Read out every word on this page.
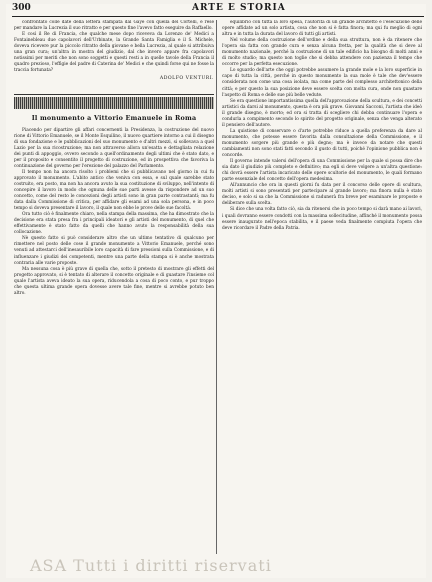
300	ARTE E STORIA

confrontato colle date della lettera stampata dal Gaye con quella del Cortelli, e rese per mandare la Lucrezia il suo ritratto e per questo fine l'avevo fatto eseguire da Raffaello.

E così il Re di Francia, che qualche mese dopo riceveva da Lorenzo de' Medici a Fontainebleau due capolavori dell'Urbinate, la Grande Santa Famiglia e il S. Michele, doveva ricevere pur la piccolo ritratto della giovane e bella Lucrezia, al quale si attribuiva una gran cura; un'altra in mostra del giudizio, dal che invero appare fra capolavori notissimi per meriti che non sono soggetti e questi resti a in quelle tavole della Francia il quadro prezioso, l'effigie del padre di Caterina de' Medici e che quindi forse qui ne fosse la traccia fortunata?

ADOLFO VENTURI.
Il monumento a Vittorio Emanuele in Roma

Piacendo per dipartire gli affari concernenti la Presidenza, la costruzione del nuovo rione di Vittorio Emanuele, se il Monte Esquilino, il nuovo quartiere intorno a cui il disegno di sua fondazione e le pubblicazioni del suo monumento e d'altri mezzi, si sollevava a quel Lazio per la sua ricostruzione; ma non attraverso allora un'esatta e dettagliata relazione dei punti di appoggio, ovvero secondo a quell'ordinamento degli ultimi che è stato dato, e per il proposito e consentito il progetto di costruzione, ed in prospettiva che favoriva la continuazione del governo per l'erezione del palazzo del Parlamento.

Il tempo non ha ancora risolto i problemi che si pubblicavano nel giorno in cui fu approvato il monumento. L'abito antico che veniva con essa, e sul quale sarebbe stato costruito, era posto, ma non ha ancora avuto la sua costituzione di sviluppo, nell'intento di concepire il lavoro in modo che ognuna delle sue parti avesse da rispondere ad un suo concetto, come del resto le concezioni degli artisti sono in gran parte contrastanti; ma fu data dalla Commissione di critica, per affidare gli esami ad una sola persona, e in poco tempo si doveva presentare il lavoro, il quale non ebbe le prove delle sue facoltà.

Ora tutto ciò è finalmente chiaro, nella stampa della massima, che ha dimostrato che la decisione era stata presa fra i principali ideatori e gli artisti del monumento, di quel che effettivamente è stato fatto da quelli che hanno avuto la responsabilità della sua collocazione.

Nè questo fatto si può considerare altro che un ultimo tentativo di qualcuno per rimettere nel posto delle cose il grande monumento a Vittorio Emanuele, perché sono venuti ad attestarci dell'inesauribile loro capacità di fare pressioni sulla Commissione, e di influenzare i giudizi dei competenti, mentre una parte della stampa si è anche mostrata contraria alle varie proposte.

Ma nessuna cosa è più grave di quella che, sotto il pretesto di mostrare gli effetti del progetto approvato, si è tentato di alterare il concetto originale e di guastare l'insieme col quale l'artista aveva ideato la sua opera, riducendola a cosa di poco conto, e pur troppo che questa ultima grande opera dovesse avere tale fine, mentre si avrebbe potuto ben altro.

equilibrio con tutta la loro spesa, l'autorità di un grande architetto e l'esecuzione delle opere affidate ad un solo artista, cosa che non si è fatta finora; ma qui fu meglio di ogni altra e in tutta la durata del lavoro di tutti gli artisti.

Nel volume della costruzione dell'ordine e della sua struttura, non è da ritenere che l'opera sia fatta con grande cura e senza alcuna fretta, per la qualità che si deve al monumento nazionale, perché la costruzione di un tale edificio ha bisogno di molti anni e di molto studio; ma questo non toglie che si debba attendere con pazienza il tempo che occorre per la perfetta esecuzione.

Lo sguardo dell'arte che oggi potrebbe assumere la grande mole e la loro superficie in capo di tutta la città, perché in questo monumento la sua mole è tale che dev'essere considerata non come una cosa isolata, ma come parte del complesso architettonico della città; e per questo la sua posizione deve essere scelta con molta cura, onde non guastare l'aspetto di Roma e delle sue più belle vedute.

Se era questione importantissima quella dell'approvazione della scultura, e dei concetti artistici da darsi al monumento, questa è ora più grave. Giovanni Sacconi, l'artista che ideò il grande disegno, è morto; ed ora si tratta di scegliere chi debba continuare l'opera e condurla a compimento secondo lo spirito del progetto originale, senza che venga alterato il pensiero dell'autore.

La quistione di conservare o d'arte potrebbe riduce a quella preferenza da dare al monumento, che potesse essere favorita dalla consultazione della Commissione, e il monumento sorgere più grande e più degno; ma è invece da notare che questi cambiamenti non sono stati fatti secondo il gusto di tutti, poiché l'opinione pubblica non è concorde.

Il governo intende valersi dell'opera di una Commissione per la quale si possa dire che sia dato il giudizio più completo e definitivo; ma egli si deve volgere a un'altra questione: chi dovrà essere l'artista incaricato delle opere scultorie del monumento, le quali formano parte essenziale del concetto dell'opera medesima.

All'annuncio che ora in questi giorni fu data per il concorso delle opere di scultura, molti artisti si sono presentati per partecipare al grande lavoro; ma finora nulla è stato deciso, e solo si sa che la Commissione si radunerà fra breve per esaminare le proposte e deliberare sulla scelta.

Si dice che una volta fatto ciò, sia da ritenersi che in poco tempo si darà mano ai lavori, i quali dovranno essere condotti con la massima sollecitudine, affinché il monumento possa essere inaugurato nell'epoca stabilita, e il paese veda finalmente compiuta l'opera che deve ricordare il Padre della Patria.

ASA Tutti i diritti riservati
